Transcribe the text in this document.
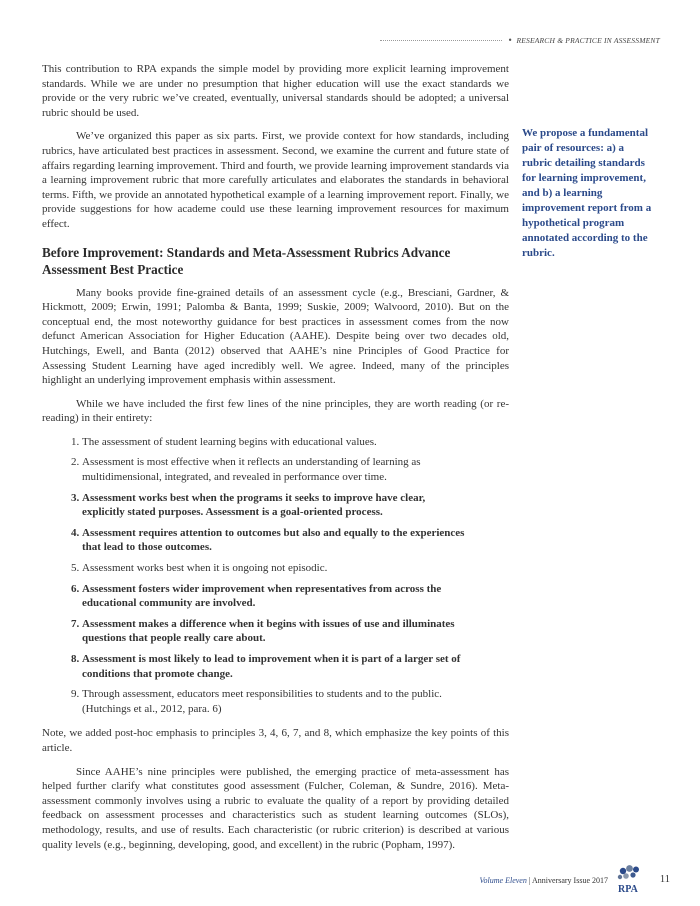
• RESEARCH & PRACTICE IN ASSESSMENT

This contribution to RPA expands the simple model by providing more explicit learning improvement standards. While we are under no presumption that higher education will use the exact standards we provide or the very rubric we’ve created, eventually, universal standards should be adopted; a universal rubric should be used.

We’ve organized this paper as six parts. First, we provide context for how standards, including rubrics, have articulated best practices in assessment. Second, we examine the current and future state of affairs regarding learning improvement. Third and fourth, we provide learning improvement standards via a learning improvement rubric that more carefully articulates and elaborates the standards in behavioral terms. Fifth, we provide an annotated hypothetical example of a learning improvement report. Finally, we provide suggestions for how academe could use these learning improvement resources for maximum effect.

Before Improvement: Standards and Meta-Assessment Rubrics Advance Assessment Best Practice

Many books provide fine-grained details of an assessment cycle (e.g., Bresciani, Gardner, & Hickmott, 2009; Erwin, 1991; Palomba & Banta, 1999; Suskie, 2009; Walvoord, 2010). But on the conceptual end, the most noteworthy guidance for best practices in assessment comes from the now defunct American Association for Higher Education (AAHE). Despite being over two decades old, Hutchings, Ewell, and Banta (2012) observed that AAHE’s nine Principles of Good Practice for Assessing Student Learning have aged incredibly well. We agree. Indeed, many of the principles highlight an underlying improvement emphasis within assessment.

While we have included the first few lines of the nine principles, they are worth reading (or re-reading) in their entirety:

1. The assessment of student learning begins with educational values.
2. Assessment is most effective when it reflects an understanding of learning as multidimensional, integrated, and revealed in performance over time.
3. Assessment works best when the programs it seeks to improve have clear, explicitly stated purposes. Assessment is a goal-oriented process.
4. Assessment requires attention to outcomes but also and equally to the experiences that lead to those outcomes.
5. Assessment works best when it is ongoing not episodic.
6. Assessment fosters wider improvement when representatives from across the educational community are involved.
7. Assessment makes a difference when it begins with issues of use and illuminates questions that people really care about.
8. Assessment is most likely to lead to improvement when it is part of a larger set of conditions that promote change.
9. Through assessment, educators meet responsibilities to students and to the public. (Hutchings et al., 2012, para. 6)

Note, we added post-hoc emphasis to principles 3, 4, 6, 7, and 8, which emphasize the key points of this article.

Since AAHE’s nine principles were published, the emerging practice of meta-assessment has helped further clarify what constitutes good assessment (Fulcher, Coleman, & Sundre, 2016). Meta-assessment commonly involves using a rubric to evaluate the quality of a report by providing detailed feedback on assessment processes and characteristics such as student learning outcomes (SLOs), methodology, results, and use of results. Each characteristic (or rubric criterion) is described at various quality levels (e.g., beginning, developing, good, and excellent) in the rubric (Popham, 1997).

We propose a fundamental pair of resources: a) a rubric detailing standards for learning improvement, and b) a learning improvement report from a hypothetical program annotated according to the rubric.
Volume Eleven | Anniversary Issue 2017
RPA
11
